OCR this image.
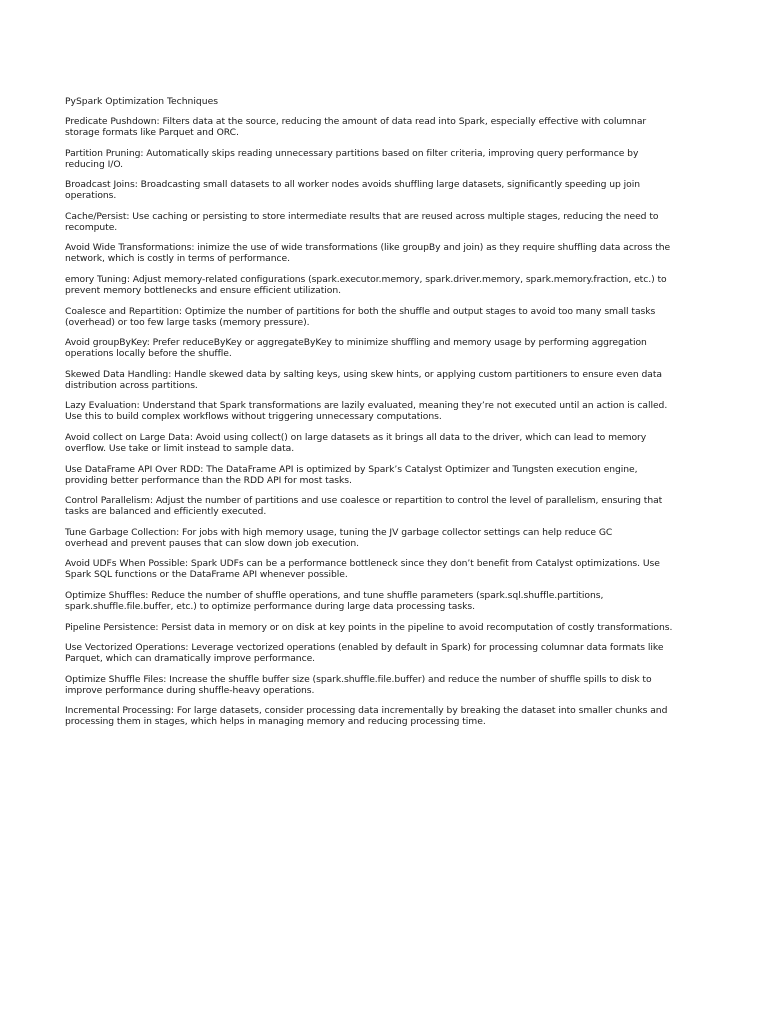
PySpark Optimization Techniques
Predicate Pushdown: Filters data at the source, reducing the amount of data read into Spark, especially effective with columnar
storage formats like Parquet and ORC.
Partition Pruning: Automatically skips reading unnecessary partitions based on filter criteria, improving query performance by
reducing I/O.
Broadcast Joins: Broadcasting small datasets to all worker nodes avoids shuffling large datasets, significantly speeding up join
operations.
Cache/Persist: Use caching or persisting to store intermediate results that are reused across multiple stages, reducing the need to
recompute.
Avoid Wide Transformations: inimize the use of wide transformations (like groupBy and join) as they require shuffling data across the
network, which is costly in terms of performance.
emory Tuning: Adjust memory-related configurations (spark.executor.memory, spark.driver.memory, spark.memory.fraction, etc.) to
prevent memory bottlenecks and ensure efficient utilization.
Coalesce and Repartition: Optimize the number of partitions for both the shuffle and output stages to avoid too many small tasks
(overhead) or too few large tasks (memory pressure).
Avoid groupByKey: Prefer reduceByKey or aggregateByKey to minimize shuffling and memory usage by performing aggregation
operations locally before the shuffle.
Skewed Data Handling: Handle skewed data by salting keys, using skew hints, or applying custom partitioners to ensure even data
distribution across partitions.
Lazy Evaluation: Understand that Spark transformations are lazily evaluated, meaning they’re not executed until an action is called.
Use this to build complex workflows without triggering unnecessary computations.
Avoid collect on Large Data: Avoid using collect() on large datasets as it brings all data to the driver, which can lead to memory
overflow. Use take or limit instead to sample data.
Use DataFrame API Over RDD: The DataFrame API is optimized by Spark’s Catalyst Optimizer and Tungsten execution engine,
providing better performance than the RDD API for most tasks.
Control Parallelism: Adjust the number of partitions and use coalesce or repartition to control the level of parallelism, ensuring that
tasks are balanced and efficiently executed.
Tune Garbage Collection: For jobs with high memory usage, tuning the JV garbage collector settings can help reduce GC
overhead and prevent pauses that can slow down job execution.
Avoid UDFs When Possible: Spark UDFs can be a performance bottleneck since they don’t benefit from Catalyst optimizations. Use
Spark SQL functions or the DataFrame API whenever possible.
Optimize Shuffles: Reduce the number of shuffle operations, and tune shuffle parameters (spark.sql.shuffle.partitions,
spark.shuffle.file.buffer, etc.) to optimize performance during large data processing tasks.
Pipeline Persistence: Persist data in memory or on disk at key points in the pipeline to avoid recomputation of costly transformations.
Use Vectorized Operations: Leverage vectorized operations (enabled by default in Spark) for processing columnar data formats like
Parquet, which can dramatically improve performance.
Optimize Shuffle Files: Increase the shuffle buffer size (spark.shuffle.file.buffer) and reduce the number of shuffle spills to disk to
improve performance during shuffle-heavy operations.
Incremental Processing: For large datasets, consider processing data incrementally by breaking the dataset into smaller chunks and
processing them in stages, which helps in managing memory and reducing processing time.
